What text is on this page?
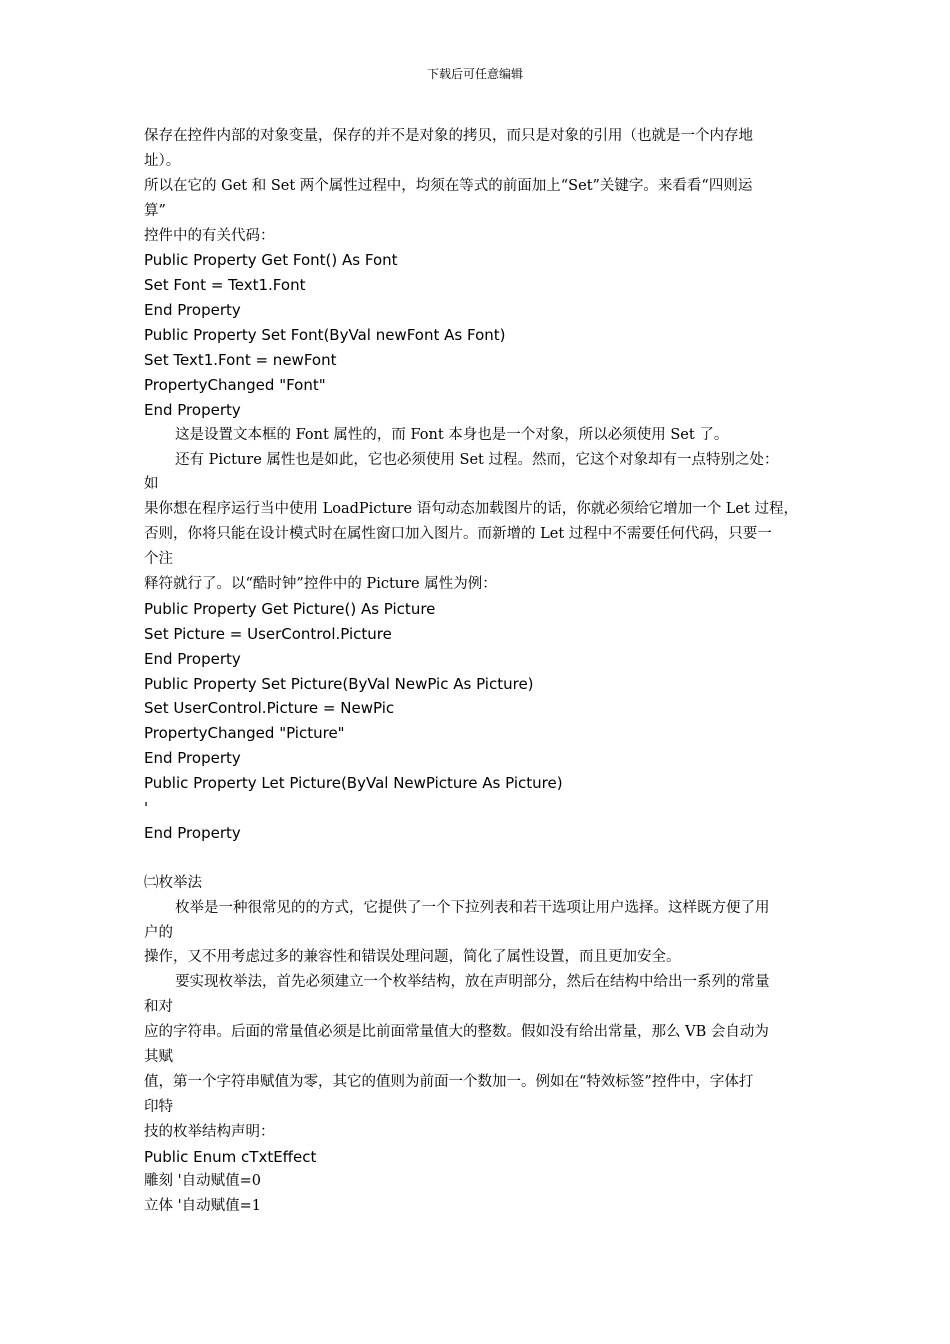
下载后可任意编辑

保存在控件内部的对象变量，保存的并不是对象的拷贝，而只是对象的引用（也就是一个内存地

址）。

所以在它的 Get 和 Set 两个属性过程中，均须在等式的前面加上“Set”关键字。来看看“四则运

算”

控件中的有关代码：

Public Property Get Font() As Font

Set Font = Text1.Font

End Property

Public Property Set Font(ByVal newFont As Font)

Set Text1.Font = newFont

PropertyChanged "Font"

End Property

这是设置文本框的 Font 属性的，而 Font 本身也是一个对象，所以必须使用 Set 了。

还有 Picture 属性也是如此，它也必须使用 Set 过程。然而，它这个对象却有一点特别之处：

如

果你想在程序运行当中使用 LoadPicture 语句动态加载图片的话，你就必须给它增加一个 Let 过程，

否则，你将只能在设计模式时在属性窗口加入图片。而新增的 Let 过程中不需要任何代码，只要一

个注

释符就行了。以“酷时钟”控件中的 Picture 属性为例：

Public Property Get Picture() As Picture

Set Picture = UserControl.Picture

End Property

Public Property Set Picture(ByVal NewPic As Picture)

Set UserControl.Picture = NewPic

PropertyChanged "Picture"

End Property

Public Property Let Picture(ByVal NewPicture As Picture)

'

End Property

㈡枚举法

枚举是一种很常见的的方式，它提供了一个下拉列表和若干选项让用户选择。这样既方便了用

户的

操作，又不用考虑过多的兼容性和错误处理问题，简化了属性设置，而且更加安全。

要实现枚举法，首先必须建立一个枚举结构，放在声明部分，然后在结构中给出一系列的常量

和对

应的字符串。后面的常量值必须是比前面常量值大的整数。假如没有给出常量，那么 VB 会自动为

其赋

值，第一个字符串赋值为零，其它的值则为前面一个数加一。例如在“特效标签”控件中，字体打

印特

技的枚举结构声明：

Public Enum cTxtEffect

雕刻 '自动赋值=0

立体 '自动赋值=1
